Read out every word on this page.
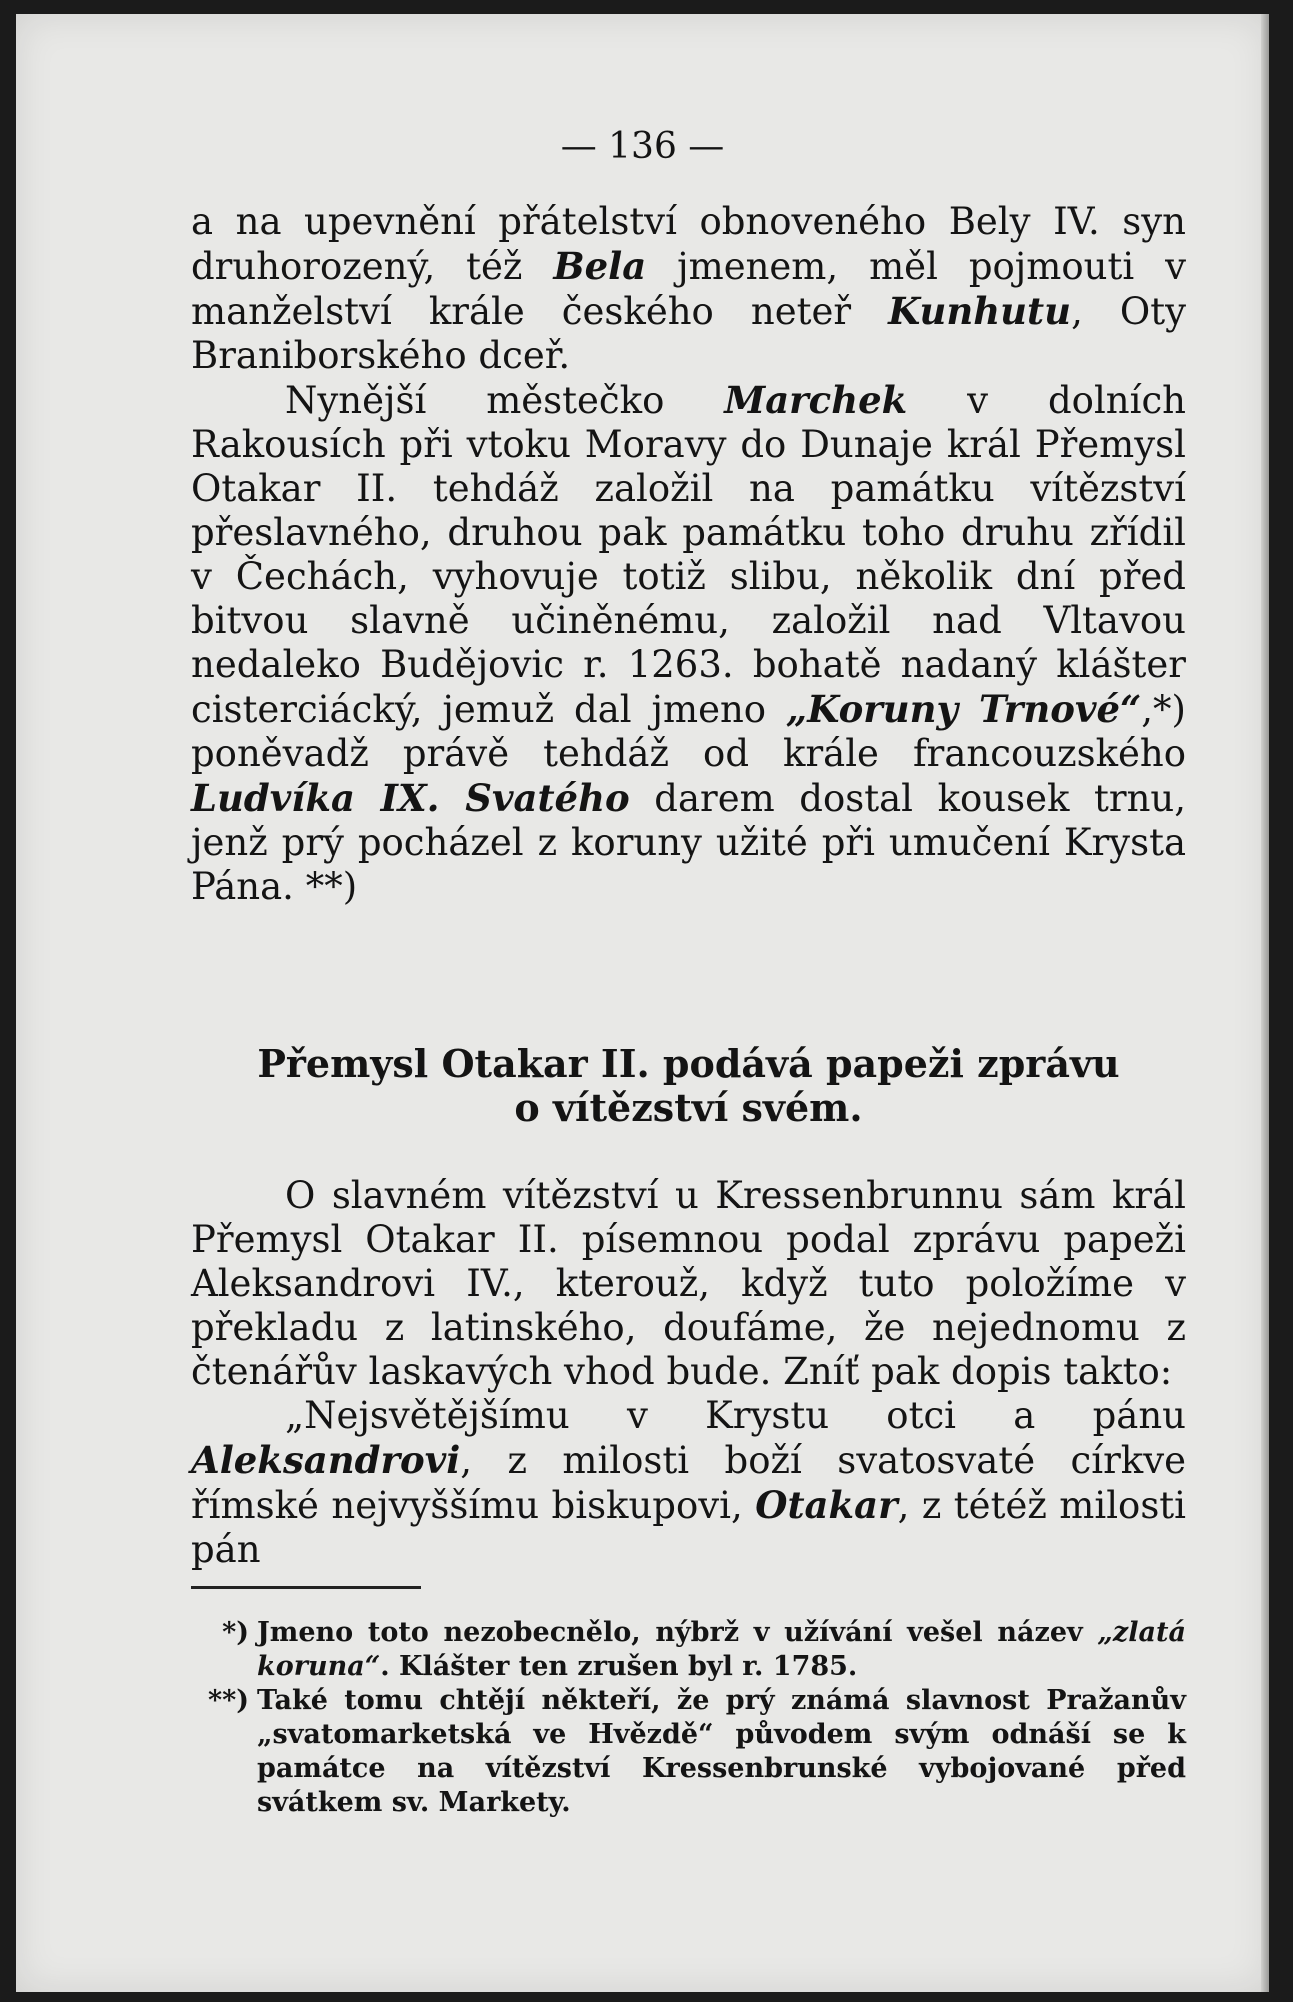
— 136 —

a na upevnění přátelství obnoveného Bely IV. syn druhorozený, též Bela jmenem, měl pojmouti v manželství krále českého neteř Kunhutu, Oty Braniborského dceř.

Nynější městečko Marchek v dolních Rakousích při vtoku Moravy do Dunaje král Přemysl Otakar II. tehdáž založil na památku vítězství přeslavného, druhou pak památku toho druhu zřídil v Čechách, vyhovuje totiž slibu, několik dní před bitvou slavně učiněnému, založil nad Vltavou nedaleko Budějovic r. 1263. bohatě nadaný klášter cisterciácký, jemuž dal jmeno „Koruny Trnové“,*) poněvadž právě tehdáž od krále francouzského Ludvíka IX. Svatého darem dostal kousek trnu, jenž prý pocházel z koruny užité při umučení Krysta Pána. **)

Přemysl Otakar II. podává papeži zprávu

o vítězství svém.

O slavném vítězství u Kressenbrunnu sám král Přemysl Otakar II. písemnou podal zprávu papeži Aleksandrovi IV., kterouž, když tuto položíme v překladu z latinského, doufáme, že nejednomu z čtenářův laskavých vhod bude. Zníť pak dopis takto:

„Nejsvětějšímu v Krystu otci a pánu Aleksandrovi, z milosti boží svatosvaté církve římské nejvyššímu biskupovi, Otakar, z tétéž milosti pán

*) Jmeno toto nezobecnělo, nýbrž v užívání vešel název „zlatá koruna“. Klášter ten zrušen byl r. 1785.
**) Také tomu chtějí někteří, že prý známá slavnost Pražanův „svatomarketská ve Hvězdě“ původem svým odnáší se k památce na vítězství Kressenbrunské vybojované před svátkem sv. Markety.
